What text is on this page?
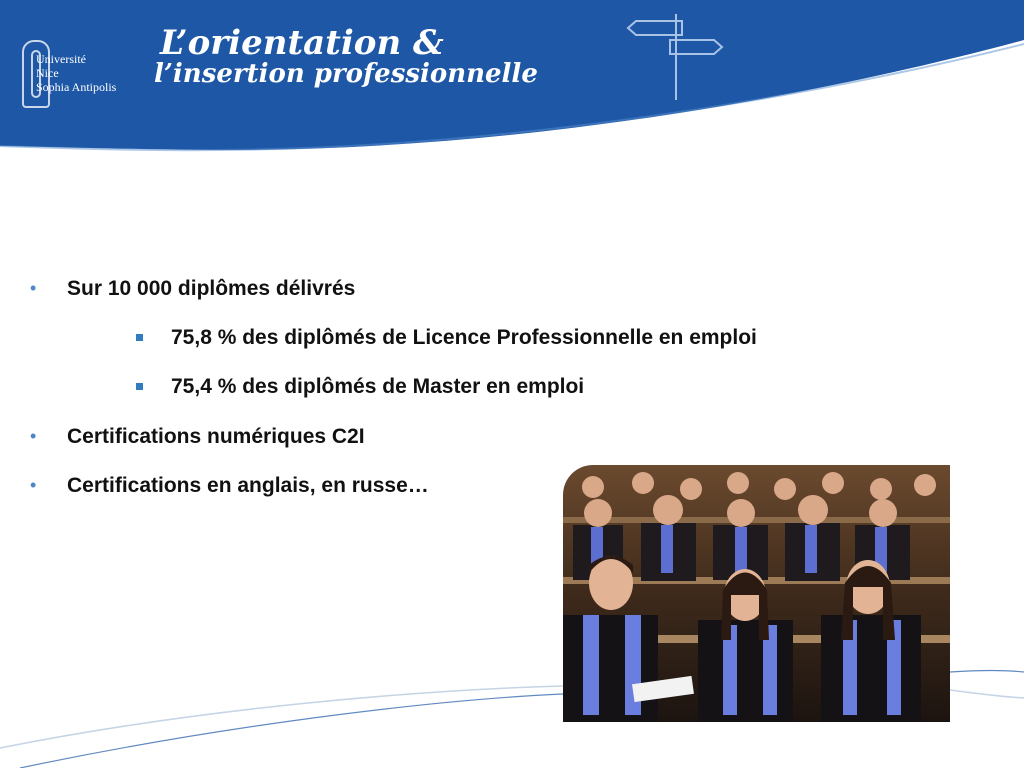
Université
Nice
Sophia Antipolis
L’orientation &
l’insertion professionnelle
• Sur 10 000 diplômes délivrés
75,8 % des diplômés de Licence Professionnelle en emploi
75,4 % des diplômés de Master en emploi
• Certifications numériques C2I
• Certifications en anglais, en russe…
